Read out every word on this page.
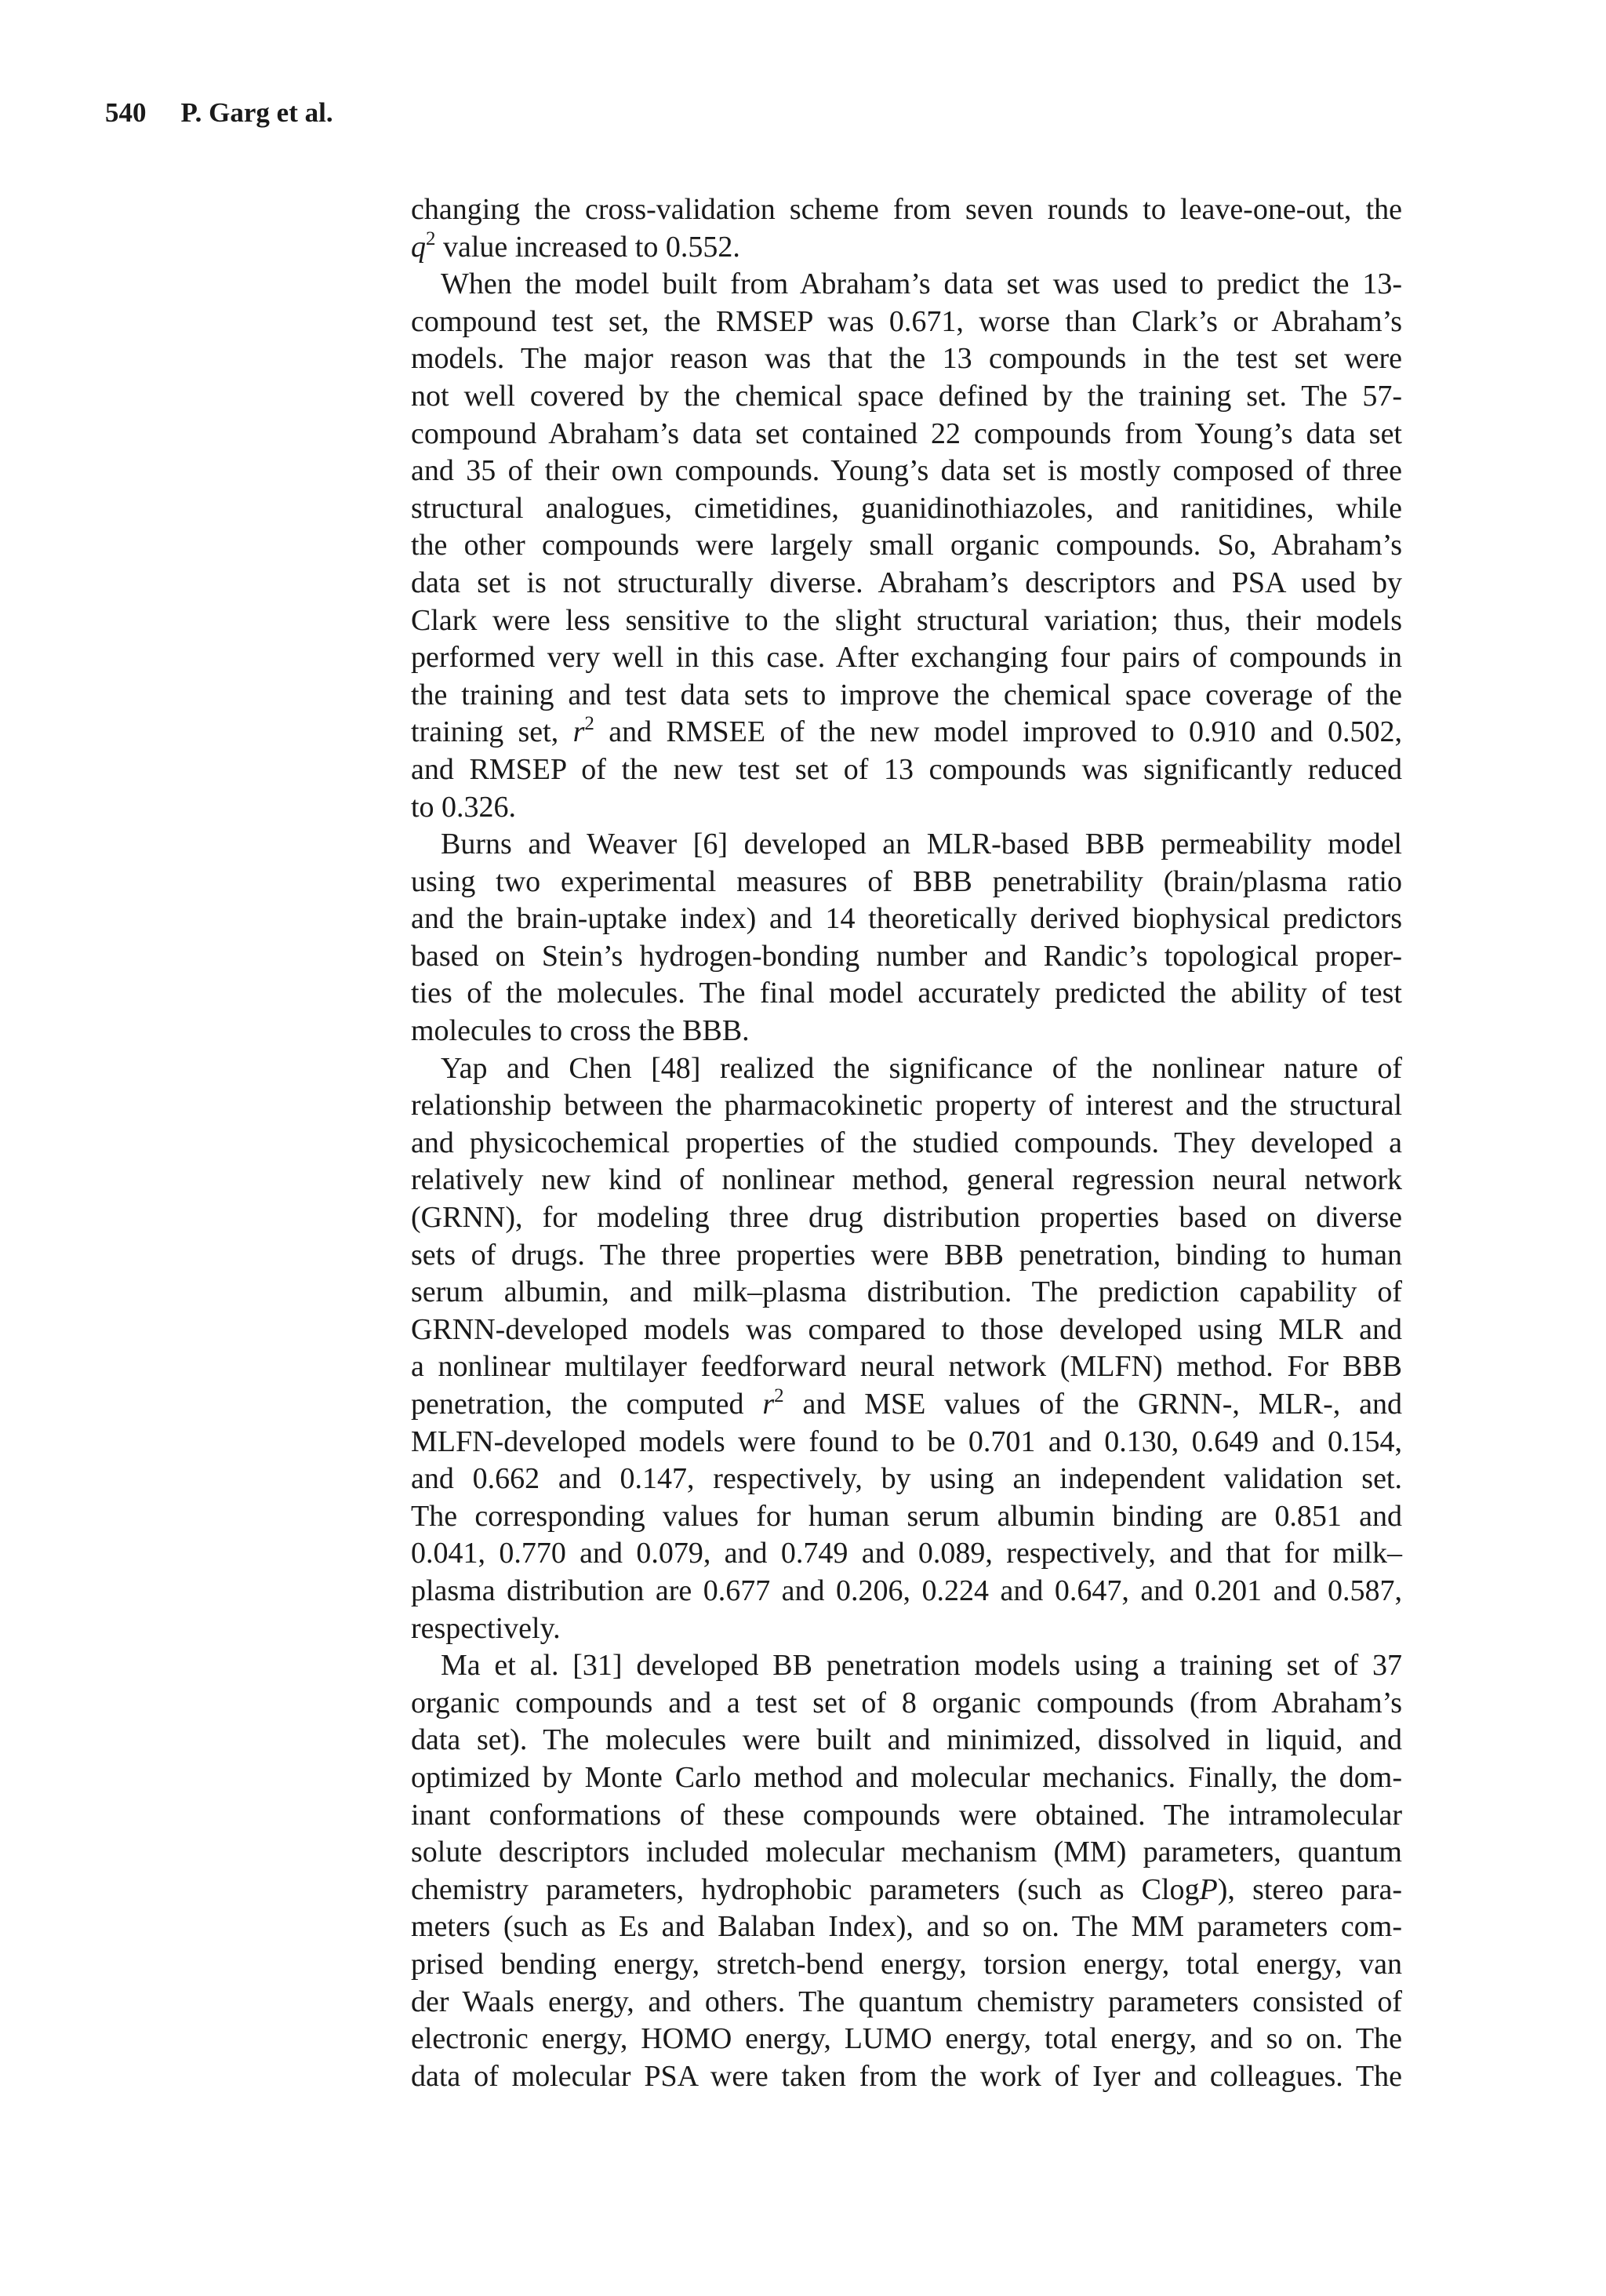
540 P. Garg et al.
changing the cross-validation scheme from seven rounds to leave-one-out, the
$q^2$ value increased to 0.552.
When the model built from Abraham’s data set was used to predict the 13-
compound test set, the RMSEP was 0.671, worse than Clark’s or Abraham’s
models. The major reason was that the 13 compounds in the test set were
not well covered by the chemical space defined by the training set. The 57-
compound Abraham’s data set contained 22 compounds from Young’s data set
and 35 of their own compounds. Young’s data set is mostly composed of three
structural analogues, cimetidines, guanidinothiazoles, and ranitidines, while
the other compounds were largely small organic compounds. So, Abraham’s
data set is not structurally diverse. Abraham’s descriptors and PSA used by
Clark were less sensitive to the slight structural variation; thus, their models
performed very well in this case. After exchanging four pairs of compounds in
the training and test data sets to improve the chemical space coverage of the
training set, $r^2$ and RMSEE of the new model improved to 0.910 and 0.502,
and RMSEP of the new test set of 13 compounds was significantly reduced
to 0.326.
Burns and Weaver [6] developed an MLR-based BBB permeability model
using two experimental measures of BBB penetrability (brain/plasma ratio
and the brain-uptake index) and 14 theoretically derived biophysical predictors
based on Stein’s hydrogen-bonding number and Randic’s topological proper-
ties of the molecules. The final model accurately predicted the ability of test
molecules to cross the BBB.
Yap and Chen [48] realized the significance of the nonlinear nature of
relationship between the pharmacokinetic property of interest and the structural
and physicochemical properties of the studied compounds. They developed a
relatively new kind of nonlinear method, general regression neural network
(GRNN), for modeling three drug distribution properties based on diverse
sets of drugs. The three properties were BBB penetration, binding to human
serum albumin, and milk–plasma distribution. The prediction capability of
GRNN-developed models was compared to those developed using MLR and
a nonlinear multilayer feedforward neural network (MLFN) method. For BBB
penetration, the computed $r^2$ and MSE values of the GRNN-, MLR-, and
MLFN-developed models were found to be 0.701 and 0.130, 0.649 and 0.154,
and 0.662 and 0.147, respectively, by using an independent validation set.
The corresponding values for human serum albumin binding are 0.851 and
0.041, 0.770 and 0.079, and 0.749 and 0.089, respectively, and that for milk–
plasma distribution are 0.677 and 0.206, 0.224 and 0.647, and 0.201 and 0.587,
respectively.
Ma et al. [31] developed BB penetration models using a training set of 37
organic compounds and a test set of 8 organic compounds (from Abraham’s
data set). The molecules were built and minimized, dissolved in liquid, and
optimized by Monte Carlo method and molecular mechanics. Finally, the dom-
inant conformations of these compounds were obtained. The intramolecular
solute descriptors included molecular mechanism (MM) parameters, quantum
chemistry parameters, hydrophobic parameters (such as ClogP), stereo para-
meters (such as Es and Balaban Index), and so on. The MM parameters com-
prised bending energy, stretch-bend energy, torsion energy, total energy, van
der Waals energy, and others. The quantum chemistry parameters consisted of
electronic energy, HOMO energy, LUMO energy, total energy, and so on. The
data of molecular PSA were taken from the work of Iyer and colleagues. The
